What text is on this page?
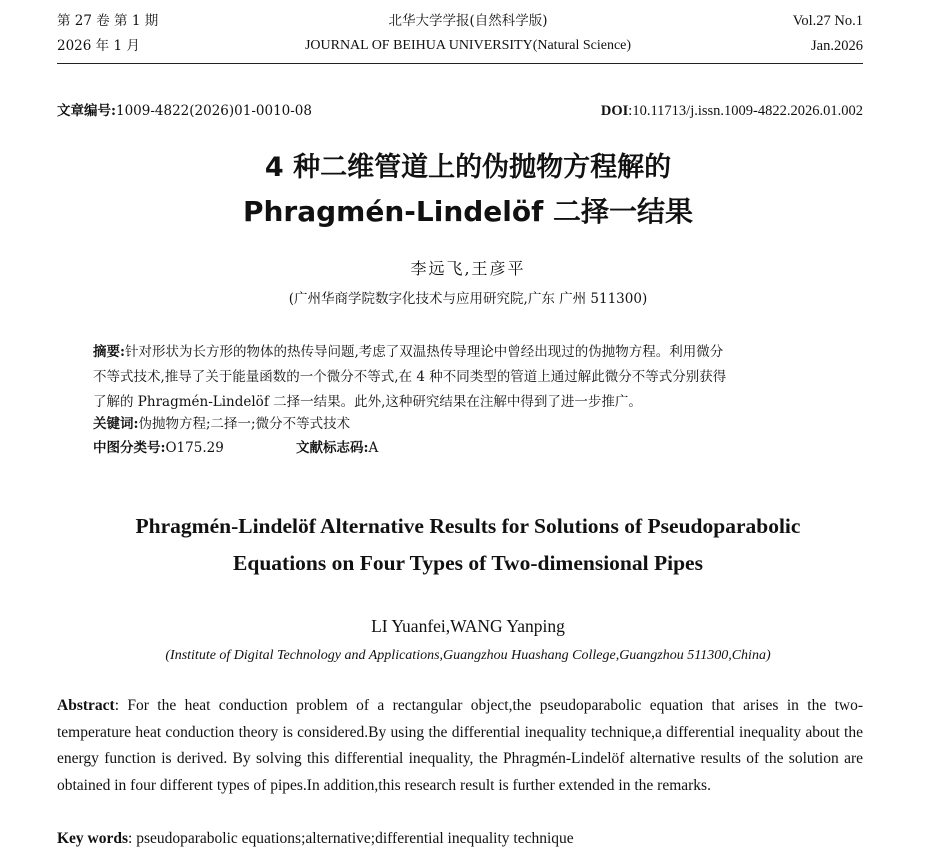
第 27 卷 第 1 期
2026 年 1 月
北华大学学报(自然科学版)
JOURNAL OF BEIHUA UNIVERSITY(Natural Science)
Vol.27 No.1
Jan.2026
文章编号:1009-4822(2026)01-0010-08	DOI:10.11713/j.issn.1009-4822.2026.01.002
4 种二维管道上的伪抛物方程解的
Phragmén-Lindelöf 二择一结果
李远飞,王彦平
(广州华商学院数字化技术与应用研究院,广东 广州 511300)
摘要:针对形状为长方形的物体的热传导问题,考虑了双温热传导理论中曾经出现过的伪抛物方程。利用微分
不等式技术,推导了关于能量函数的一个微分不等式,在 4 种不同类型的管道上通过解此微分不等式分别获得
了解的 Phragmén-Lindelöf 二择一结果。此外,这种研究结果在注解中得到了进一步推广。
关键词:伪抛物方程;二择一;微分不等式技术
中图分类号:O175.29	文献标志码:A
Phragmén-Lindelöf Alternative Results for Solutions of Pseudoparabolic
Equations on Four Types of Two-dimensional Pipes
LI Yuanfei,WANG Yanping
(Institute of Digital Technology and Applications,Guangzhou Huashang College,Guangzhou 511300,China)
Abstract: For the heat conduction problem of a rectangular object,the pseudoparabolic equation that arises in the two-temperature heat conduction theory is considered.By using the differential inequality technique,a differential inequality about the energy function is derived. By solving this differential inequality, the Phragmén-Lindelöf alternative results of the solution are obtained in four different types of pipes.In addition,this research result is further extended in the remarks.
Key words: pseudoparabolic equations;alternative;differential inequality technique
